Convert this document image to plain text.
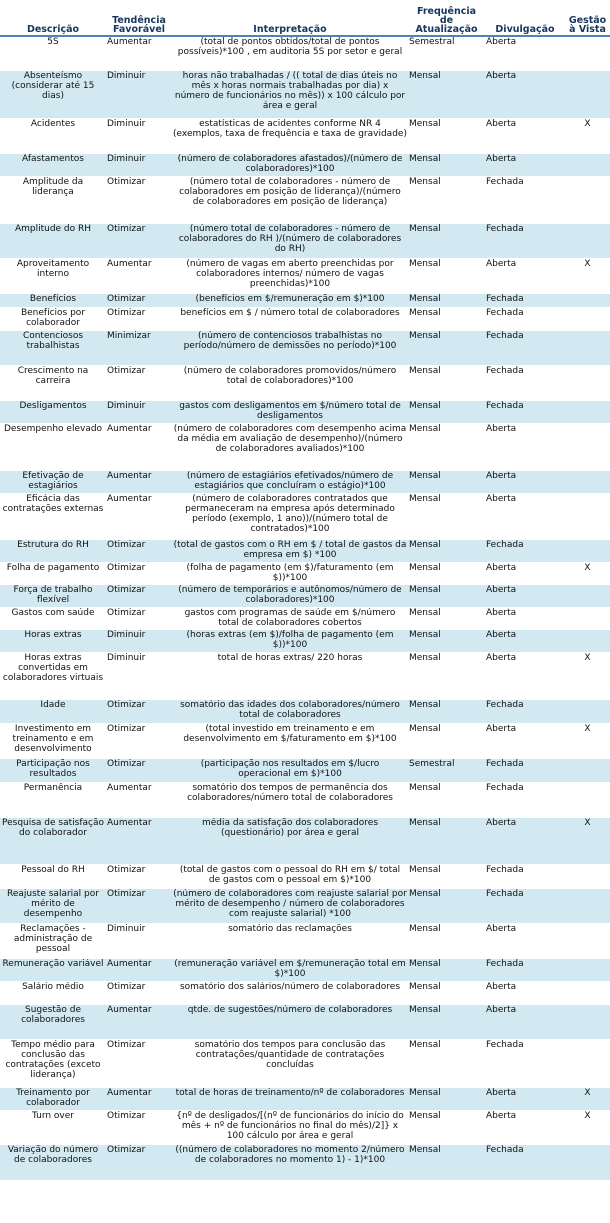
Descrição	Tendência Favorável	Interpretação	Frequência de Atualização	Divulgação	Gestão à Vista
5S	Aumentar	(total de pontos obtidos/total de pontos possíveis)*100 , em auditoria 5S por setor e geral	Semestral	Aberta	
Absenteísmo (considerar até 15 dias)	Diminuir	horas não trabalhadas / (( total de dias úteis no mês x horas normais trabalhadas por dia) x número de funcionários no mês)) x 100 cálculo por área e geral	Mensal	Aberta	
Acidentes	Diminuir	estatísticas de acidentes conforme NR 4 (exemplos, taxa de frequência e taxa de gravidade)	Mensal	Aberta	X
Afastamentos	Diminuir	(número de colaboradores afastados)/(número de colaboradores)*100	Mensal	Aberta	
Amplitude da liderança	Otimizar	(número total de colaboradores - número de colaboradores em posição de liderança)/(número de colaboradores em posição de liderança)	Mensal	Fechada	
Amplitude do RH	Otimizar	(número total de colaboradores - número de colaboradores do RH )/(número de colaboradores do RH)	Mensal	Fechada	
Aproveitamento interno	Aumentar	(número de vagas em aberto preenchidas por colaboradores internos/ número de vagas preenchidas)*100	Mensal	Aberta	X
Benefícios	Otimizar	(benefícios em $/remuneração em $)*100	Mensal	Fechada	
Benefícios por colaborador	Otimizar	benefícios em $ / número total de colaboradores	Mensal	Fechada	
Contenciosos trabalhistas	Minimizar	(número de contenciosos trabalhistas no período/número de demissões no período)*100	Mensal	Fechada	
Crescimento na carreira	Otimizar	(número de colaboradores promovidos/número total de colaboradores)*100	Mensal	Fechada	
Desligamentos	Diminuir	gastos com desligamentos em $/número total de desligamentos	Mensal	Fechada	
Desempenho elevado	Aumentar	(número de colaboradores com desempenho acima da média em avaliação de desempenho)/(número de colaboradores avaliados)*100	Mensal	Aberta	
Efetivação de estagiários	Aumentar	(número de estagiários efetivados/número de estagiários que concluíram o estágio)*100	Mensal	Aberta	
Eficácia das contratações externas	Aumentar	(número de colaboradores contratados que permaneceram na empresa após determinado período (exemplo, 1 ano))/(número total de contratados)*100	Mensal	Aberta	
Estrutura do RH	Otimizar	(total de gastos com o RH em $ / total de gastos da empresa em $) *100	Mensal	Fechada	
Folha de pagamento	Otimizar	(folha de pagamento (em $)/faturamento (em $))*100	Mensal	Aberta	X
Força de trabalho flexível	Otimizar	(número de temporários e autônomos/número de colaboradores)*100	Mensal	Aberta	
Gastos com saúde	Otimizar	gastos com programas de saúde em $/número total de colaboradores cobertos	Mensal	Aberta	
Horas extras	Diminuir	(horas extras (em $)/folha de pagamento (em $))*100	Mensal	Aberta	
Horas extras convertidas em colaboradores virtuais	Diminuir	total de horas extras/ 220 horas	Mensal	Aberta	X
Idade	Otimizar	somatório das idades dos colaboradores/número total de colaboradores	Mensal	Fechada	
Investimento em treinamento e em desenvolvimento	Otimizar	(total investido em treinamento e em desenvolvimento em $/faturamento em $)*100	Mensal	Aberta	X
Participação nos resultados	Otimizar	(participação nos resultados em $/lucro operacional em $)*100	Semestral	Fechada	
Permanência	Aumentar	somatório dos tempos de permanência dos colaboradores/número total de colaboradores	Mensal	Fechada	
Pesquisa de satisfação do colaborador	Aumentar	média da satisfação dos colaboradores (questionário) por área e geral	Mensal	Aberta	X
Pessoal do RH	Otimizar	(total de gastos com o pessoal do RH em $/ total de gastos com o pessoal em $)*100	Mensal	Fechada	
Reajuste salarial por mérito de desempenho	Otimizar	(número de colaboradores com reajuste salarial por mérito de desempenho / número de colaboradores com reajuste salarial) *100	Mensal	Fechada	
Reclamações - administração de pessoal	Diminuir	somatório das reclamações	Mensal	Aberta	
Remuneração variável	Aumentar	(remuneração variável em $/remuneração total em $)*100	Mensal	Fechada	
Salário médio	Otimizar	somatório dos salários/número de colaboradores	Mensal	Aberta	
Sugestão de colaboradores	Aumentar	qtde. de sugestões/número de colaboradores	Mensal	Aberta	
Tempo médio para conclusão das contratações (exceto liderança)	Otimizar	somatório dos tempos para conclusão das contratações/quantidade de contratações concluídas	Mensal	Fechada	
Treinamento por colaborador	Aumentar	total de horas de treinamento/nº de colaboradores	Mensal	Aberta	X
Turn over	Otimizar	{nº de desligados/[(nº de funcionários do início do mês + nº de funcionários no final do mês)/2]} x 100 cálculo por área e geral	Mensal	Aberta	X
Variação do número de colaboradores	Otimizar	((número de colaboradores no momento 2/número de colaboradores no momento 1) - 1)*100	Mensal	Fechada	
